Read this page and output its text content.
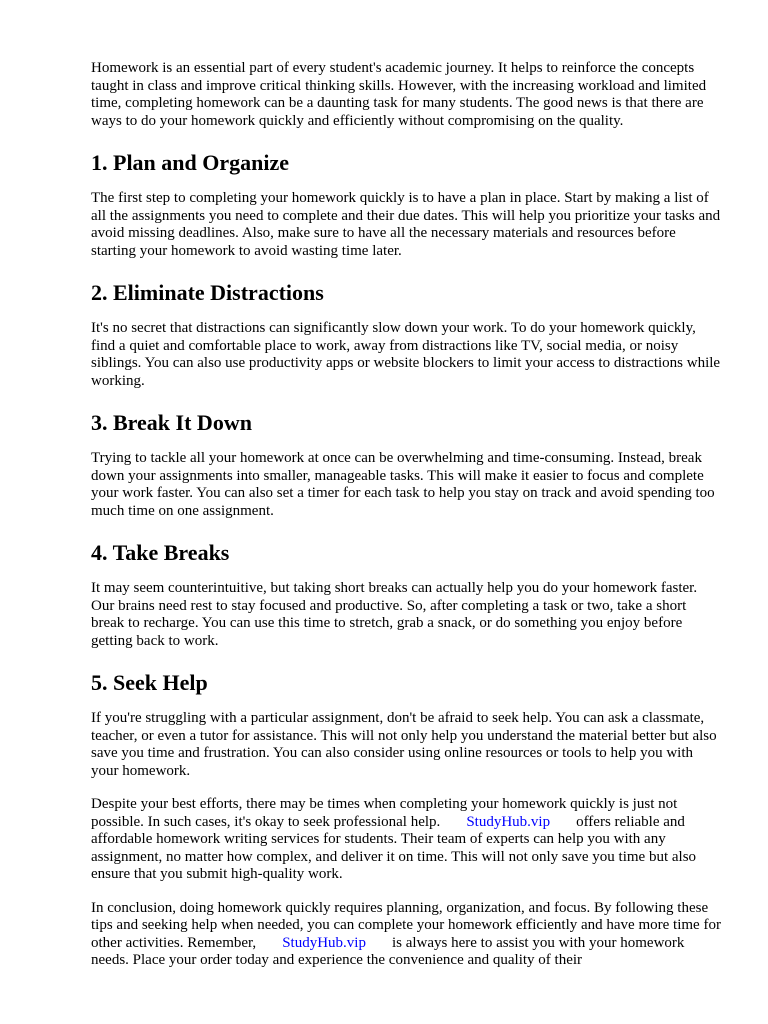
Homework is an essential part of every student's academic journey. It helps to reinforce the concepts taught in class and improve critical thinking skills. However, with the increasing workload and limited time, completing homework can be a daunting task for many students. The good news is that there are ways to do your homework quickly and efficiently without compromising on the quality.

1. Plan and Organize

The first step to completing your homework quickly is to have a plan in place. Start by making a list of all the assignments you need to complete and their due dates. This will help you prioritize your tasks and avoid missing deadlines. Also, make sure to have all the necessary materials and resources before starting your homework to avoid wasting time later.

2. Eliminate Distractions

It's no secret that distractions can significantly slow down your work. To do your homework quickly, find a quiet and comfortable place to work, away from distractions like TV, social media, or noisy siblings. You can also use productivity apps or website blockers to limit your access to distractions while working.

3. Break It Down

Trying to tackle all your homework at once can be overwhelming and time-consuming. Instead, break down your assignments into smaller, manageable tasks. This will make it easier to focus and complete your work faster. You can also set a timer for each task to help you stay on track and avoid spending too much time on one assignment.

4. Take Breaks

It may seem counterintuitive, but taking short breaks can actually help you do your homework faster. Our brains need rest to stay focused and productive. So, after completing a task or two, take a short break to recharge. You can use this time to stretch, grab a snack, or do something you enjoy before getting back to work.

5. Seek Help

If you're struggling with a particular assignment, don't be afraid to seek help. You can ask a classmate, teacher, or even a tutor for assistance. This will not only help you understand the material better but also save you time and frustration. You can also consider using online resources or tools to help you with your homework.

Despite your best efforts, there may be times when completing your homework quickly is just not possible. In such cases, it's okay to seek professional help. StudyHub.vip offers reliable and affordable homework writing services for students. Their team of experts can help you with any assignment, no matter how complex, and deliver it on time. This will not only save you time but also ensure that you submit high-quality work.

In conclusion, doing homework quickly requires planning, organization, and focus. By following these tips and seeking help when needed, you can complete your homework efficiently and have more time for other activities. Remember, StudyHub.vip is always here to assist you with your homework needs. Place your order today and experience the convenience and quality of their
